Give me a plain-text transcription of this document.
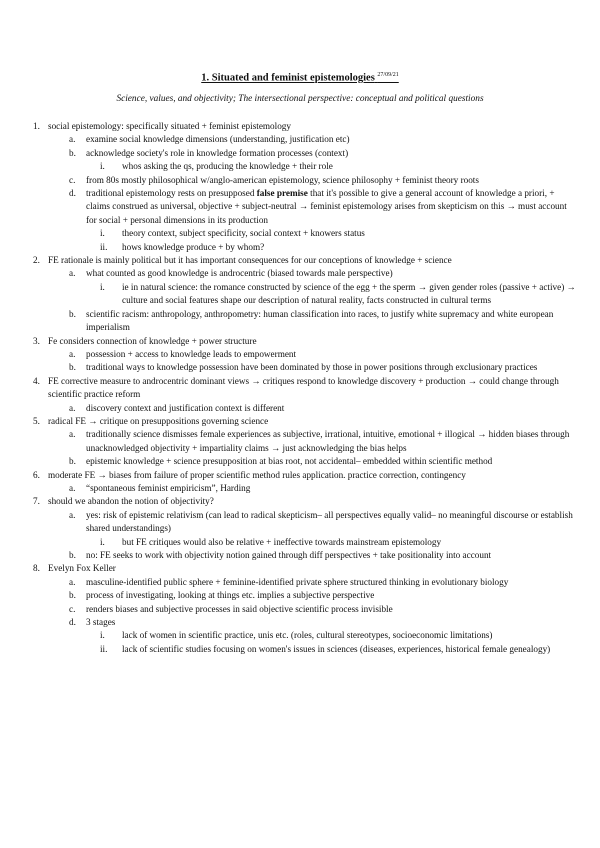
1. Situated and feminist epistemologies $^{27/09/21}$
Science, values, and objectivity; The intersectional perspective: conceptual and political questions
1. social epistemology: specifically situated + feminist epistemology
a. examine social knowledge dimensions (understanding, justification etc)
b. acknowledge society's role in knowledge formation processes (context)
i. whos asking the qs, producing the knowledge + their role
c. from 80s mostly philosophical w/anglo-american epistemology, science philosophy + feminist theory roots
d. traditional epistemology rests on presupposed false premise that it's possible to give a general account of knowledge a priori, + claims construed as universal, objective + subject-neutral → feminist epistemology arises from skepticism on this → must account for social + personal dimensions in its production
i. theory context, subject specificity, social context + knowers status
ii. hows knowledge produce + by whom?
2. FE rationale is mainly political but it has important consequences for our conceptions of knowledge + science
a. what counted as good knowledge is androcentric (biased towards male perspective)
i. ie in natural science: the romance constructed by science of the egg + the sperm → given gender roles (passive + active) → culture and social features shape our description of natural reality, facts constructed in cultural terms
b. scientific racism: anthropology, anthropometry: human classification into races, to justify white supremacy and white european imperialism
3. Fe considers connection of knowledge + power structure
a. possession + access to knowledge leads to empowerment
b. traditional ways to knowledge possession have been dominated by those in power positions through exclusionary practices
4. FE corrective measure to androcentric dominant views → critiques respond to knowledge discovery + production → could change through scientific practice reform
a. discovery context and justification context is different
5. radical FE → critique on presuppositions governing science
a. traditionally science dismisses female experiences as subjective, irrational, intuitive, emotional + illogical → hidden biases through unacknowledged objectivity + impartiality claims → just acknowledging the bias helps
b. epistemic knowledge + science presupposition at bias root, not accidental– embedded within scientific method
6. moderate FE → biases from failure of proper scientific method rules application. practice correction, contingency
a. “spontaneous feminist empiricism”, Harding
7. should we abandon the notion of objectivity?
a. yes: risk of epistemic relativism (can lead to radical skepticism– all perspectives equally valid– no meaningful discourse or establish shared understandings)
i. but FE critiques would also be relative + ineffective towards mainstream epistemology
b. no: FE seeks to work with objectivity notion gained through diff perspectives + take positionality into account
8. Evelyn Fox Keller
a. masculine-identified public sphere + feminine-identified private sphere structured thinking in evolutionary biology
b. process of investigating, looking at things etc. implies a subjective perspective
c. renders biases and subjective processes in said objective scientific process invisible
d. 3 stages
i. lack of women in scientific practice, unis etc. (roles, cultural stereotypes, socioeconomic limitations)
ii. lack of scientific studies focusing on women's issues in sciences (diseases, experiences, historical female genealogy)
